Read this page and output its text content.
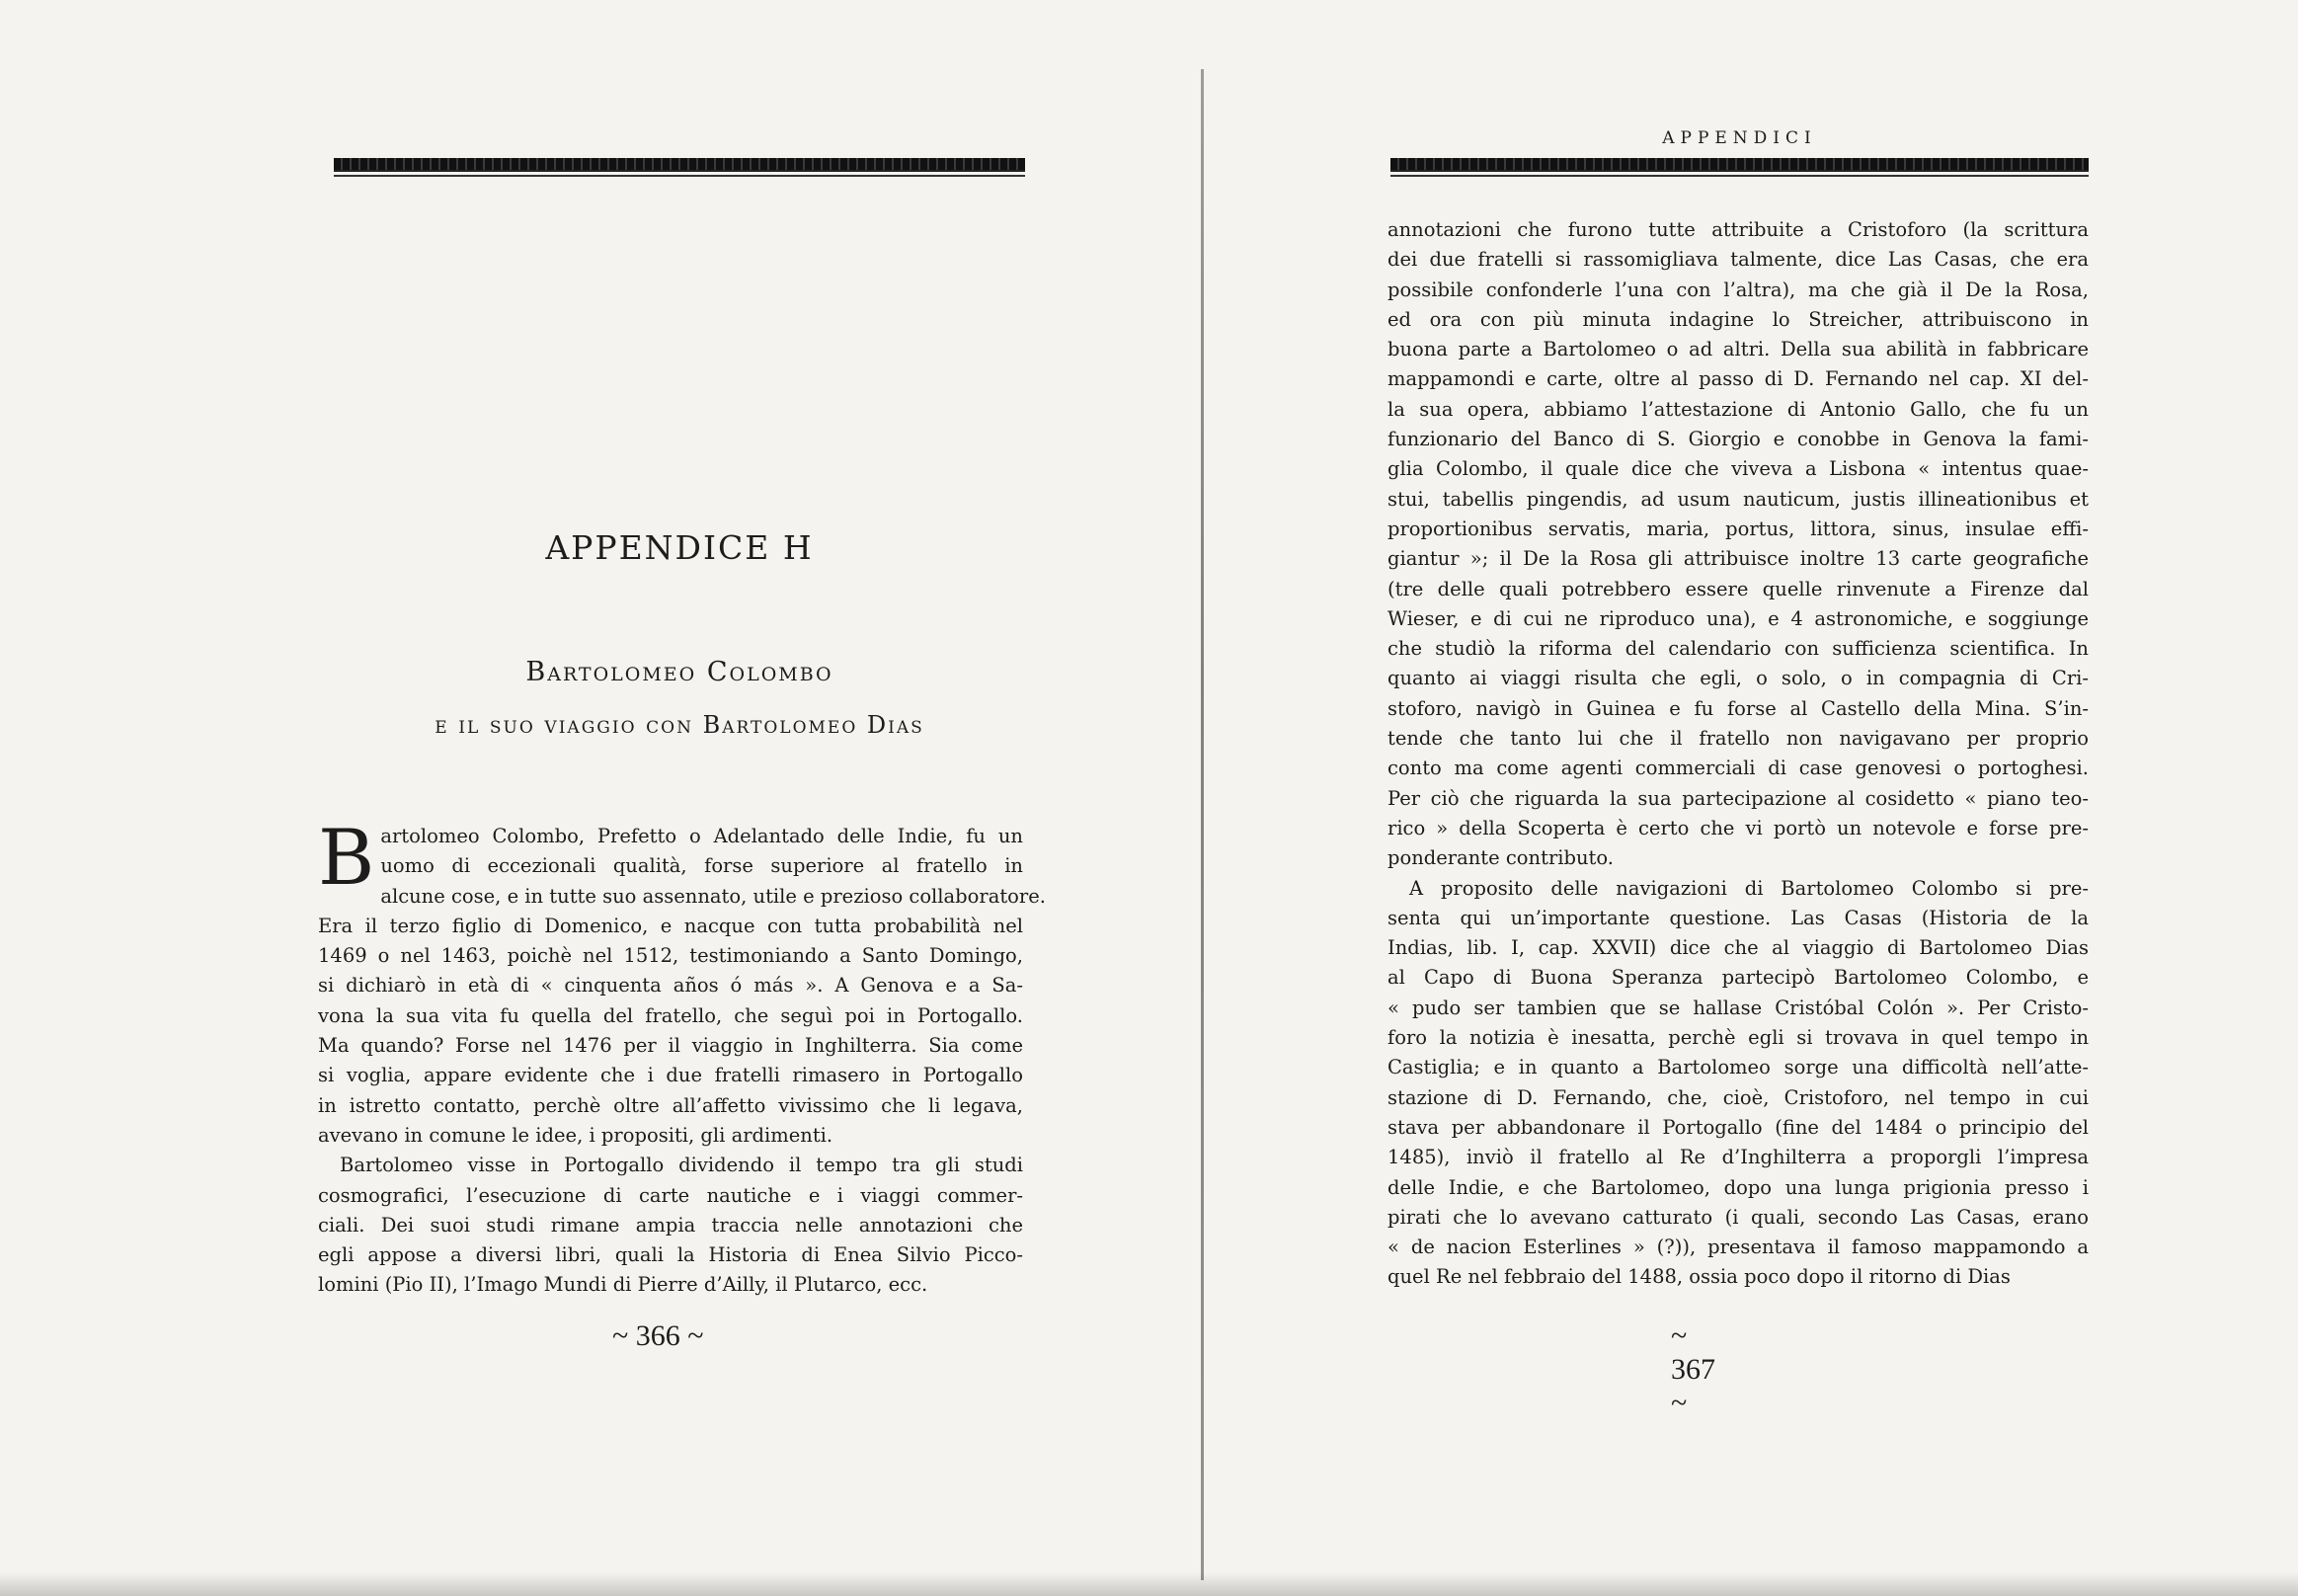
APPENDICE H
Bartolomeo Colombo
e il suo viaggio con Bartolomeo Dias

B artolomeo Colombo, Prefetto o Adelantado delle Indie, fu un
uomo di eccezionali qualità, forse superiore al fratello in
alcune cose, e in tutte suo assennato, utile e prezioso collaboratore.
Era il terzo figlio di Domenico, e nacque con tutta probabilità nel
1469 o nel 1463, poichè nel 1512, testimoniando a Santo Domingo,
si dichiarò in età di « cinquenta años ó más ». A Genova e a Sa-
vona la sua vita fu quella del fratello, che seguì poi in Portogallo.
Ma quando? Forse nel 1476 per il viaggio in Inghilterra. Sia come
si voglia, appare evidente che i due fratelli rimasero in Portogallo
in istretto contatto, perchè oltre all’affetto vivissimo che li legava,
avevano in comune le idee, i propositi, gli ardimenti.

Bartolomeo visse in Portogallo dividendo il tempo tra gli studi
cosmografici, l’esecuzione di carte nautiche e i viaggi commer-
ciali. Dei suoi studi rimane ampia traccia nelle annotazioni che
egli appose a diversi libri, quali la Historia di Enea Silvio Picco-
lomini (Pio II), l’Imago Mundi di Pierre d’Ailly, il Plutarco, ecc.

~ 366 ~
APPENDICI

annotazioni che furono tutte attribuite a Cristoforo (la scrittura
dei due fratelli si rassomigliava talmente, dice Las Casas, che era
possibile confonderle l’una con l’altra), ma che già il De la Rosa,
ed ora con più minuta indagine lo Streicher, attribuiscono in
buona parte a Bartolomeo o ad altri. Della sua abilità in fabbricare
mappamondi e carte, oltre al passo di D. Fernando nel cap. XI del-
la sua opera, abbiamo l’attestazione di Antonio Gallo, che fu un
funzionario del Banco di S. Giorgio e conobbe in Genova la fami-
glia Colombo, il quale dice che viveva a Lisbona « intentus quae-
stui, tabellis pingendis, ad usum nauticum, justis illineationibus et
proportionibus servatis, maria, portus, littora, sinus, insulae effi-
giantur »; il De la Rosa gli attribuisce inoltre 13 carte geografiche
(tre delle quali potrebbero essere quelle rinvenute a Firenze dal
Wieser, e di cui ne riproduco una), e 4 astronomiche, e soggiunge
che studiò la riforma del calendario con sufficienza scientifica. In
quanto ai viaggi risulta che egli, o solo, o in compagnia di Cri-
stoforo, navigò in Guinea e fu forse al Castello della Mina. S’in-
tende che tanto lui che il fratello non navigavano per proprio
conto ma come agenti commerciali di case genovesi o portoghesi.
Per ciò che riguarda la sua partecipazione al cosidetto « piano teo-
rico » della Scoperta è certo che vi portò un notevole e forse pre-
ponderante contributo.

A proposito delle navigazioni di Bartolomeo Colombo si pre-
senta qui un’importante questione. Las Casas (Historia de la
Indias, lib. I, cap. XXVII) dice che al viaggio di Bartolomeo Dias
al Capo di Buona Speranza partecipò Bartolomeo Colombo, e
« pudo ser tambien que se hallase Cristóbal Colón ». Per Cristo-
foro la notizia è inesatta, perchè egli si trovava in quel tempo in
Castiglia; e in quanto a Bartolomeo sorge una difficoltà nell’atte-
stazione di D. Fernando, che, cioè, Cristoforo, nel tempo in cui
stava per abbandonare il Portogallo (fine del 1484 o principio del
1485), inviò il fratello al Re d’Inghilterra a proporgli l’impresa
delle Indie, e che Bartolomeo, dopo una lunga prigionia presso i
pirati che lo avevano catturato (i quali, secondo Las Casas, erano
« de nacion Esterlines » (?)), presentava il famoso mappamondo a
quel Re nel febbraio del 1488, ossia poco dopo il ritorno di Dias

~ 367 ~
